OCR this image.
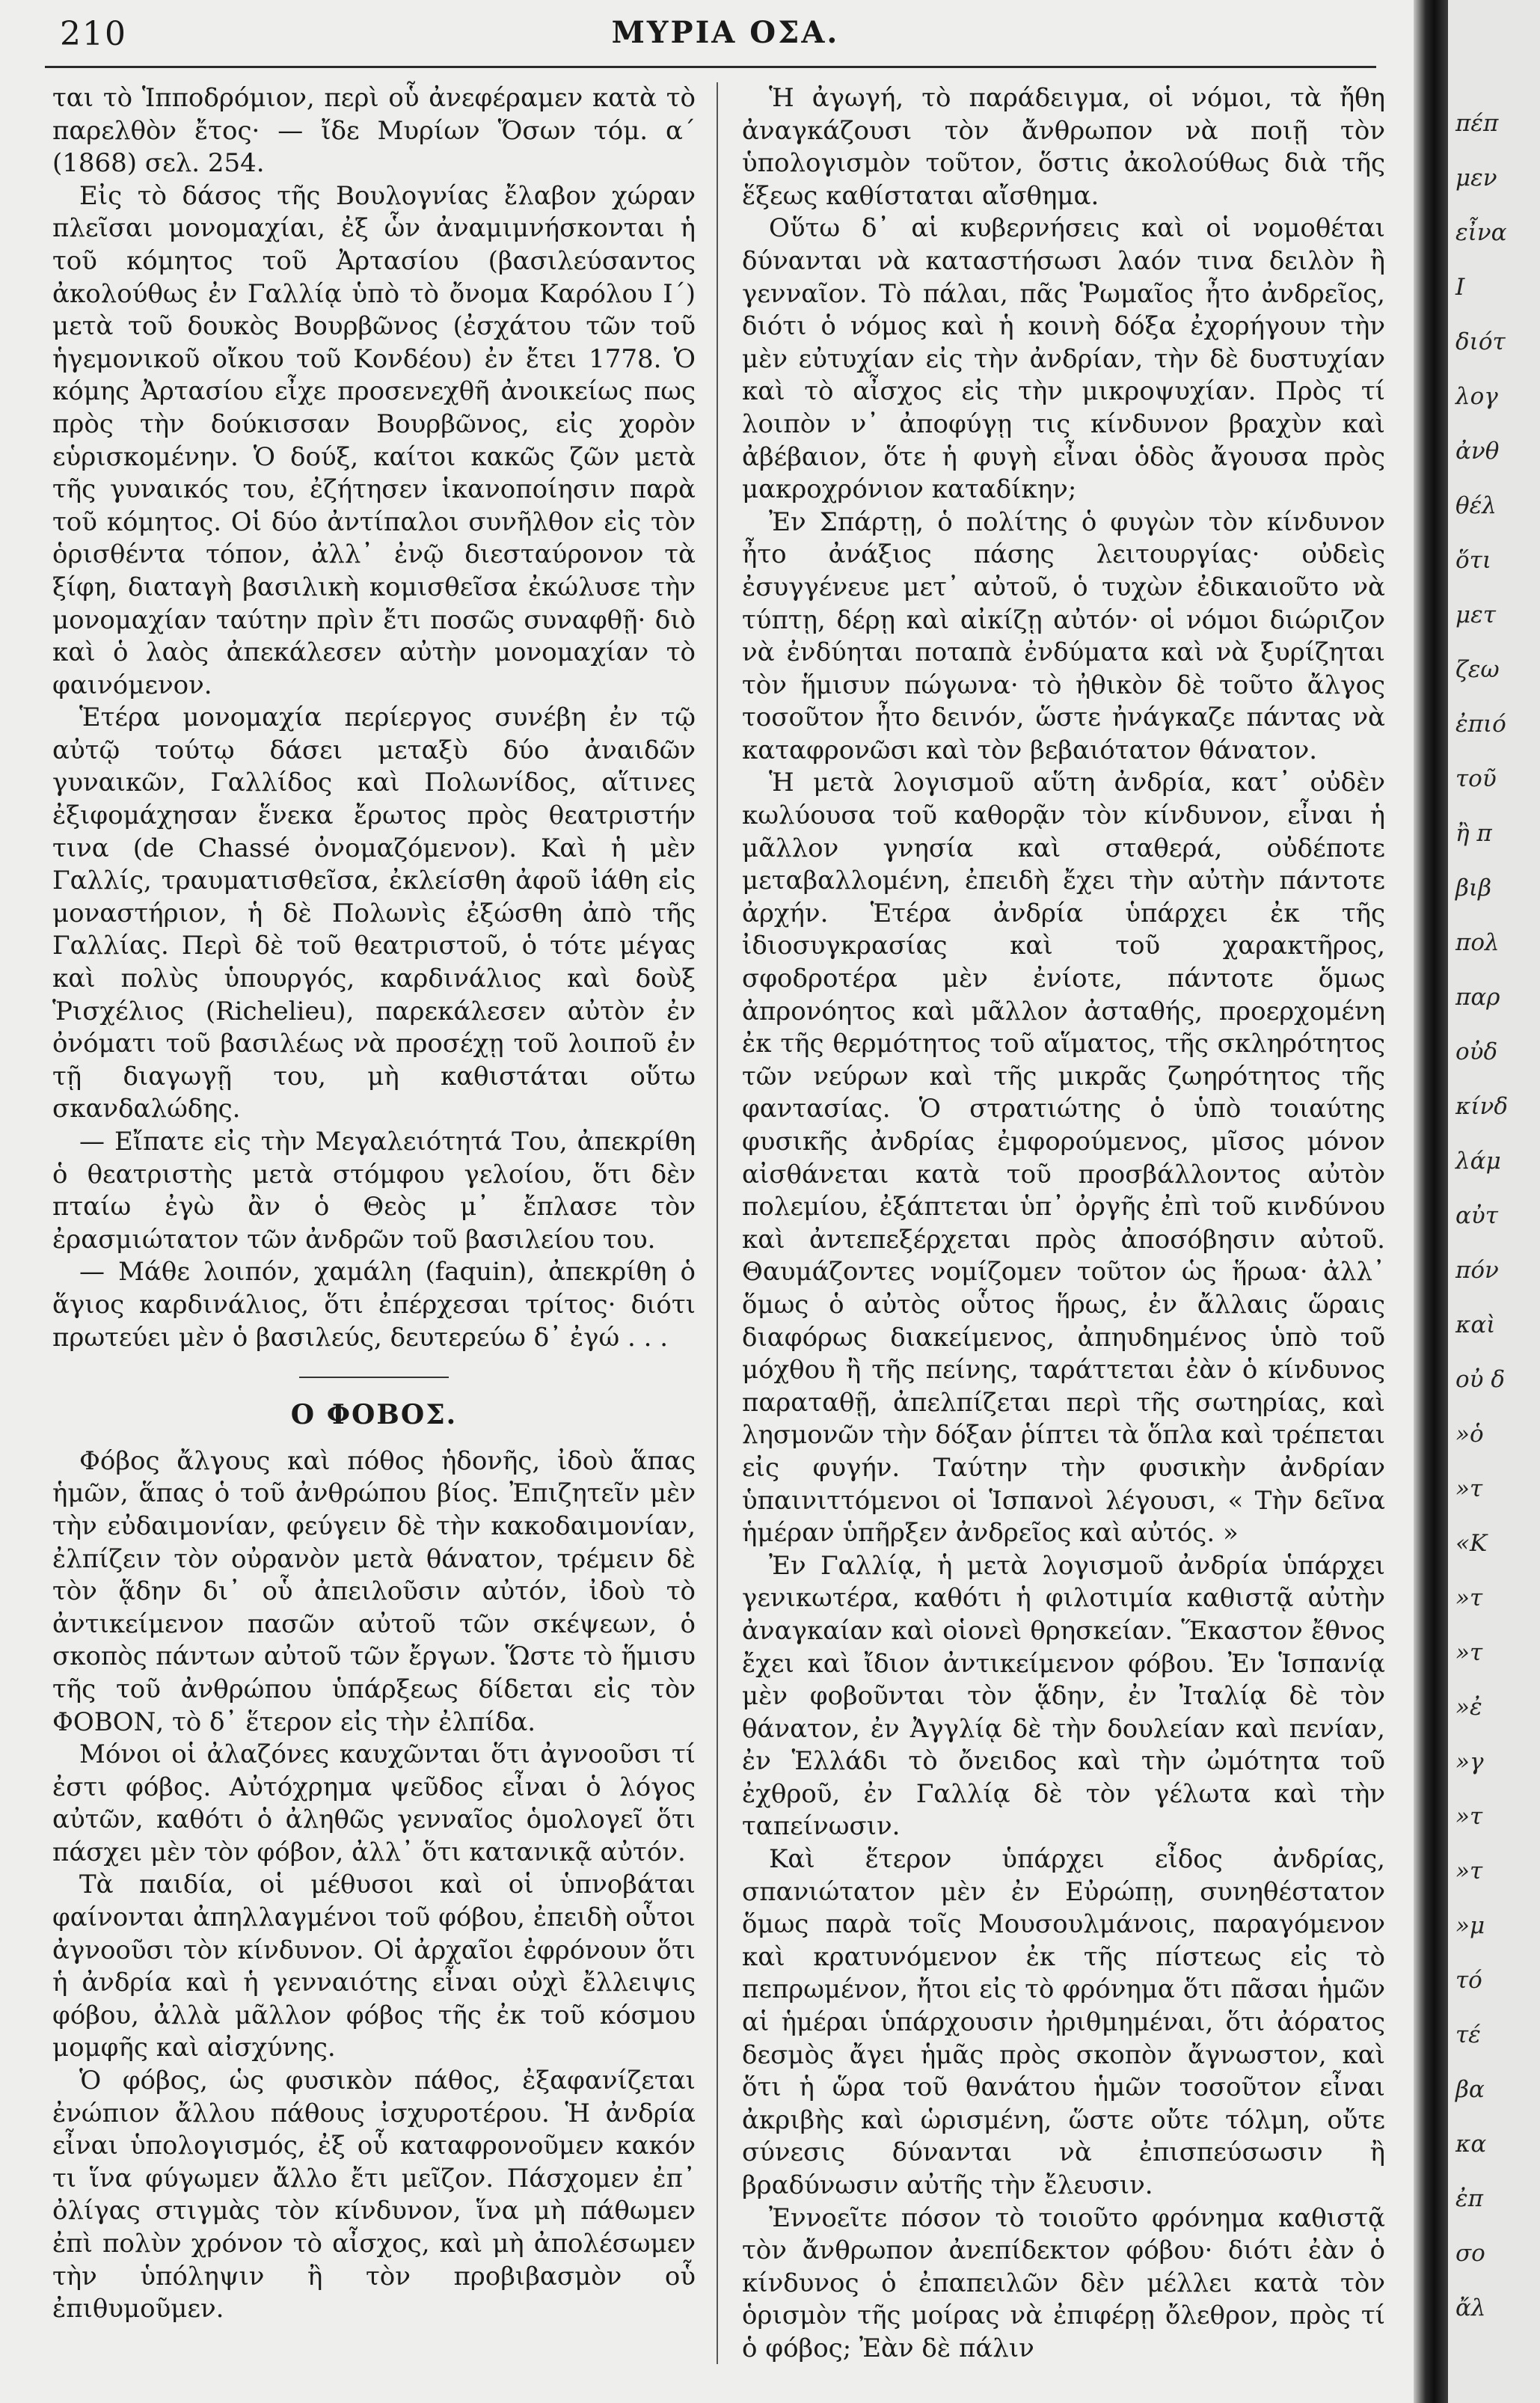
210	ΜΥΡΙΑ ΟΣΑ.

ται τὸ Ἱπποδρόμιον, περὶ οὗ ἀνεφέραμεν κατὰ τὸ παρελθὸν ἔτος· — ἴδε Μυρίων Ὅσων τόμ. α΄ (1868) σελ. 254.

Εἰς τὸ δάσος τῆς Βουλογνίας ἔλαβον χώραν πλεῖσαι μονομαχίαι, ἐξ ὧν ἀναμιμνήσκονται ἡ τοῦ κόμητος τοῦ Ἀρτασίου (βασιλεύσαντος ἀκολούθως ἐν Γαλλίᾳ ὑπὸ τὸ ὄνομα Καρόλου Ι΄) μετὰ τοῦ δουκὸς Βουρβῶνος (ἐσχάτου τῶν τοῦ ἡγεμονικοῦ οἴκου τοῦ Κονδέου) ἐν ἔτει 1778. Ὁ κόμης Ἀρτασίου εἶχε προσενεχθῆ ἀνοικείως πως πρὸς τὴν δούκισσαν Βουρβῶνος, εἰς χορὸν εὑρισκομένην. Ὁ δούξ, καίτοι κακῶς ζῶν μετὰ τῆς γυναικός του, ἐζήτησεν ἱκανοποίησιν παρὰ τοῦ κόμητος. Οἱ δύο ἀντίπαλοι συνῆλθον εἰς τὸν ὁρισθέντα τόπον, ἀλλ᾽ ἐνῷ διεσταύρονον τὰ ξίφη, διαταγὴ βασιλικὴ κομισθεῖσα ἐκώλυσε τὴν μονομαχίαν ταύτην πρὶν ἔτι ποσῶς συναφθῇ· διὸ καὶ ὁ λαὸς ἀπεκάλεσεν αὐτὴν μονομαχίαν τὸ φαινόμενον.

Ἑτέρα μονομαχία περίεργος συνέβη ἐν τῷ αὐτῷ τούτῳ δάσει μεταξὺ δύο ἀναιδῶν γυναικῶν, Γαλλίδος καὶ Πολωνίδος, αἵτινες ἐξιφομάχησαν ἕνεκα ἔρωτος πρὸς θεατριστήν τινα (de Chassé ὀνομαζόμενον). Καὶ ἡ μὲν Γαλλίς, τραυματισθεῖσα, ἐκλείσθη ἀφοῦ ἰάθη εἰς μοναστήριον, ἡ δὲ Πολωνὶς ἐξώσθη ἀπὸ τῆς Γαλλίας. Περὶ δὲ τοῦ θεατριστοῦ, ὁ τότε μέγας καὶ πολὺς ὑπουργός, καρδινάλιος καὶ δοὺξ Ῥισχέλιος (Richelieu), παρεκάλεσεν αὐτὸν ἐν ὀνόματι τοῦ βασιλέως νὰ προσέχῃ τοῦ λοιποῦ ἐν τῇ διαγωγῇ του, μὴ καθιστάται οὕτω σκανδαλώδης.

— Εἴπατε εἰς τὴν Μεγαλειότητά Του, ἀπεκρίθη ὁ θεατριστὴς μετὰ στόμφου γελοίου, ὅτι δὲν πταίω ἐγὼ ἂν ὁ Θεὸς μ᾽ ἔπλασε τὸν ἐρασμιώτατον τῶν ἀνδρῶν τοῦ βασιλείου του.

— Μάθε λοιπόν, χαμάλη (faquin), ἀπεκρίθη ὁ ἅγιος καρδινάλιος, ὅτι ἐπέρχεσαι τρίτος· διότι πρωτεύει μὲν ὁ βασιλεύς, δευτερεύω δ᾽ ἐγώ . . .

Ο ΦΟΒΟΣ.

Φόβος ἄλγους καὶ πόθος ἡδονῆς, ἰδοὺ ἅπας ἡμῶν, ἅπας ὁ τοῦ ἀνθρώπου βίος. Ἐπιζητεῖν μὲν τὴν εὐδαιμονίαν, φεύγειν δὲ τὴν κακοδαιμονίαν, ἐλπίζειν τὸν οὐρανὸν μετὰ θάνατον, τρέμειν δὲ τὸν ᾅδην δι᾽ οὗ ἀπειλοῦσιν αὐτόν, ἰδοὺ τὸ ἀντικείμενον πασῶν αὐτοῦ τῶν σκέψεων, ὁ σκοπὸς πάντων αὐτοῦ τῶν ἔργων. Ὥστε τὸ ἥμισυ τῆς τοῦ ἀνθρώπου ὑπάρξεως δίδεται εἰς τὸν ΦΟΒΟΝ, τὸ δ᾽ ἕτερον εἰς τὴν ἐλπίδα.

Μόνοι οἱ ἀλαζόνες καυχῶνται ὅτι ἀγνοοῦσι τί ἐστι φόβος. Αὐτόχρημα ψεῦδος εἶναι ὁ λόγος αὐτῶν, καθότι ὁ ἀληθῶς γενναῖος ὁμολογεῖ ὅτι πάσχει μὲν τὸν φόβον, ἀλλ᾽ ὅτι κατανικᾷ αὐτόν.

Τὰ παιδία, οἱ μέθυσοι καὶ οἱ ὑπνοβάται φαίνονται ἀπηλλαγμένοι τοῦ φόβου, ἐπειδὴ οὗτοι ἀγνοοῦσι τὸν κίνδυνον. Οἱ ἀρχαῖοι ἐφρόνουν ὅτι ἡ ἀνδρία καὶ ἡ γενναιότης εἶναι οὐχὶ ἔλλειψις φόβου, ἀλλὰ μᾶλλον φόβος τῆς ἐκ τοῦ κόσμου μομφῆς καὶ αἰσχύνης.

Ὁ φόβος, ὡς φυσικὸν πάθος, ἐξαφανίζεται ἐνώπιον ἄλλου πάθους ἰσχυροτέρου. Ἡ ἀνδρία εἶναι ὑπολογισμός, ἐξ οὗ καταφρονοῦμεν κακόν τι ἵνα φύγωμεν ἄλλο ἔτι μεῖζον. Πάσχομεν ἐπ᾽ ὀλίγας στιγμὰς τὸν κίνδυνον, ἵνα μὴ πάθωμεν ἐπὶ πολὺν χρόνον τὸ αἶσχος, καὶ μὴ ἀπολέσωμεν τὴν ὑπόληψιν ἢ τὸν προβιβασμὸν οὗ ἐπιθυμοῦμεν.

Ἡ ἀγωγή, τὸ παράδειγμα, οἱ νόμοι, τὰ ἤθη ἀναγκάζουσι τὸν ἄνθρωπον νὰ ποιῇ τὸν ὑπολογισμὸν τοῦτον, ὅστις ἀκολούθως διὰ τῆς ἕξεως καθίσταται αἴσθημα.

Οὕτω δ᾽ αἱ κυβερνήσεις καὶ οἱ νομοθέται δύνανται νὰ καταστήσωσι λαόν τινα δειλὸν ἢ γενναῖον. Τὸ πάλαι, πᾶς Ῥωμαῖος ἦτο ἀνδρεῖος, διότι ὁ νόμος καὶ ἡ κοινὴ δόξα ἐχορήγουν τὴν μὲν εὐτυχίαν εἰς τὴν ἀνδρίαν, τὴν δὲ δυστυχίαν καὶ τὸ αἶσχος εἰς τὴν μικροψυχίαν. Πρὸς τί λοιπὸν ν᾽ ἀποφύγῃ τις κίνδυνον βραχὺν καὶ ἀβέβαιον, ὅτε ἡ φυγὴ εἶναι ὁδὸς ἄγουσα πρὸς μακροχρόνιον καταδίκην;

Ἐν Σπάρτῃ, ὁ πολίτης ὁ φυγὼν τὸν κίνδυνον ἦτο ἀνάξιος πάσης λειτουργίας· οὐδεὶς ἐσυγγένευε μετ᾽ αὐτοῦ, ὁ τυχὼν ἐδικαιοῦτο νὰ τύπτῃ, δέρῃ καὶ αἰκίζῃ αὐτόν· οἱ νόμοι διώριζον νὰ ἐνδύηται ποταπὰ ἐνδύματα καὶ νὰ ξυρίζηται τὸν ἥμισυν πώγωνα· τὸ ἠθικὸν δὲ τοῦτο ἄλγος τοσοῦτον ἦτο δεινόν, ὥστε ἠνάγκαζε πάντας νὰ καταφρονῶσι καὶ τὸν βεβαιότατον θάνατον.

Ἡ μετὰ λογισμοῦ αὕτη ἀνδρία, κατ᾽ οὐδὲν κωλύουσα τοῦ καθορᾷν τὸν κίνδυνον, εἶναι ἡ μᾶλλον γνησία καὶ σταθερά, οὐδέποτε μεταβαλλομένη, ἐπειδὴ ἔχει τὴν αὐτὴν πάντοτε ἀρχήν. Ἑτέρα ἀνδρία ὑπάρχει ἐκ τῆς ἰδιοσυγκρασίας καὶ τοῦ χαρακτῆρος, σφοδροτέρα μὲν ἐνίοτε, πάντοτε ὅμως ἀπρονόητος καὶ μᾶλλον ἀσταθής, προερχομένη ἐκ τῆς θερμότητος τοῦ αἵματος, τῆς σκληρότητος τῶν νεύρων καὶ τῆς μικρᾶς ζωηρότητος τῆς φαντασίας. Ὁ στρατιώτης ὁ ὑπὸ τοιαύτης φυσικῆς ἀνδρίας ἐμφορούμενος, μῖσος μόνον αἰσθάνεται κατὰ τοῦ προσβάλλοντος αὐτὸν πολεμίου, ἐξάπτεται ὑπ᾽ ὀργῆς ἐπὶ τοῦ κινδύνου καὶ ἀντεπεξέρχεται πρὸς ἀποσόβησιν αὐτοῦ. Θαυμάζοντες νομίζομεν τοῦτον ὡς ἥρωα· ἀλλ᾽ ὅμως ὁ αὐτὸς οὗτος ἥρως, ἐν ἄλλαις ὥραις διαφόρως διακείμενος, ἀπηυδημένος ὑπὸ τοῦ μόχθου ἢ τῆς πείνης, ταράττεται ἐὰν ὁ κίνδυνος παραταθῇ, ἀπελπίζεται περὶ τῆς σωτηρίας, καὶ λησμονῶν τὴν δόξαν ῥίπτει τὰ ὅπλα καὶ τρέπεται εἰς φυγήν. Ταύτην τὴν φυσικὴν ἀνδρίαν ὑπαινιττόμενοι οἱ Ἱσπανοὶ λέγουσι, « Τὴν δεῖνα ἡμέραν ὑπῆρξεν ἀνδρεῖος καὶ αὐτός. »

Ἐν Γαλλίᾳ, ἡ μετὰ λογισμοῦ ἀνδρία ὑπάρχει γενικωτέρα, καθότι ἡ φιλοτιμία καθιστᾷ αὐτὴν ἀναγκαίαν καὶ οἱονεὶ θρησκείαν. Ἕκαστον ἔθνος ἔχει καὶ ἴδιον ἀντικείμενον φόβου. Ἐν Ἱσπανίᾳ μὲν φοβοῦνται τὸν ᾅδην, ἐν Ἰταλίᾳ δὲ τὸν θάνατον, ἐν Ἀγγλίᾳ δὲ τὴν δουλείαν καὶ πενίαν, ἐν Ἑλλάδι τὸ ὄνειδος καὶ τὴν ὠμότητα τοῦ ἐχθροῦ, ἐν Γαλλίᾳ δὲ τὸν γέλωτα καὶ τὴν ταπείνωσιν.

Καὶ ἕτερον ὑπάρχει εἶδος ἀνδρίας, σπανιώτατον μὲν ἐν Εὐρώπῃ, συνηθέστατον ὅμως παρὰ τοῖς Μουσουλμάνοις, παραγόμενον καὶ κρατυνόμενον ἐκ τῆς πίστεως εἰς τὸ πεπρωμένον, ἤτοι εἰς τὸ φρόνημα ὅτι πᾶσαι ἡμῶν αἱ ἡμέραι ὑπάρχουσιν ἠριθμημέναι, ὅτι ἀόρατος δεσμὸς ἄγει ἡμᾶς πρὸς σκοπὸν ἄγνωστον, καὶ ὅτι ἡ ὥρα τοῦ θανάτου ἡμῶν τοσοῦτον εἶναι ἀκριβὴς καὶ ὡρισμένη, ὥστε οὔτε τόλμη, οὔτε σύνεσις δύνανται νὰ ἐπισπεύσωσιν ἢ βραδύνωσιν αὐτῆς τὴν ἔλευσιν.

Ἐννοεῖτε πόσον τὸ τοιοῦτο φρόνημα καθιστᾷ τὸν ἄνθρωπον ἀνεπίδεκτον φόβου· διότι ἐὰν ὁ κίνδυνος ὁ ἐπαπειλῶν δὲν μέλλει κατὰ τὸν ὁρισμὸν τῆς μοίρας νὰ ἐπιφέρῃ ὄλεθρον, πρὸς τί ὁ φόβος; Ἐὰν δὲ πάλιν

πέπ
μεν
εἶνα
Ι
διότ
λογ
ἀνθ
θέλ
ὅτι
μετ
ζεω
ἐπιό
τοῦ
ἢ π
βιβ
πολ
παρ
οὐδ
κίνδ
λάμ
αὐτ
πόν
καὶ
οὐ δ
»ὁ
»τ
«Κ
»τ
»τ
»ἐ
»γ
»τ
»τ
»μ
τό
τέ
βα
κα
ἐπ
σο
ἄλ
